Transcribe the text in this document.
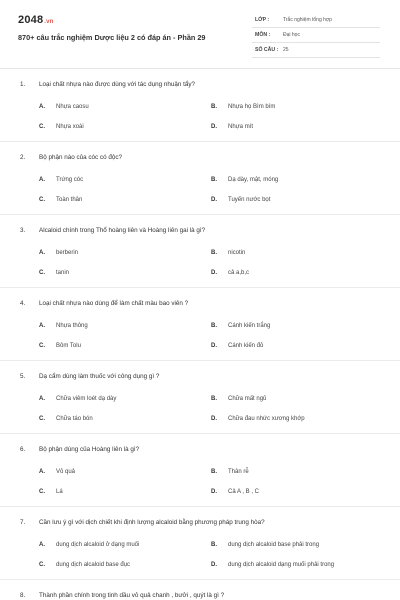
2048.vn
870+ câu trắc nghiệm Dược liệu 2 có đáp án - Phần 29
LỚP :	Trắc nghiệm tổng hợp
MÔN :	Đại học
SỐ CÂU : 25
1. Loại chất nhựa nào được dùng với tác dụng nhuận tẩy?
A. Nhựa caosu	B. Nhựa họ Bìm bìm
C. Nhựa xoài	D. Nhựa mít
2. Bộ phận nào của cóc có độc?
A. Trứng cóc	B. Dạ dày, mật, móng
C. Toàn thân	D. Tuyến nước bọt
3. Alcaloid chính trong Thổ hoàng liên và Hoàng liên gai là gì?
A. berberin	B. nicotin
C. tanin	D. cả a,b,c
4. Loại chất nhựa nào dùng để làm chất màu bao viên ?
A. Nhựa thông	B. Cánh kiến trắng
C. Bôm Tolu	D. Cánh kiến đỏ
5. Dạ cẩm dùng làm thuốc với công dụng gì ?
A. Chữa viêm loét dạ dày	B. Chữa mất ngủ
C. Chữa táo bón	D. Chữa đau nhức xương khớp
6. Bộ phận dùng của Hoàng liên là gì?
A. Vỏ quả	B. Thân rễ
C. Lá	D. Cả A , B , C
7. Cần lưu ý gì với dịch chiết khi định lượng alcaloid bằng phương pháp trung hòa?
A. dung dịch alcaloid ở dạng muối	B. dung dịch alcaloid base phải trong
C. dung dịch alcaloid base đục	D. dung dịch alcaloid dạng muối phải trong
8. Thành phần chính trong tinh dầu vỏ quả chanh , bưởi , quýt là gì ?
